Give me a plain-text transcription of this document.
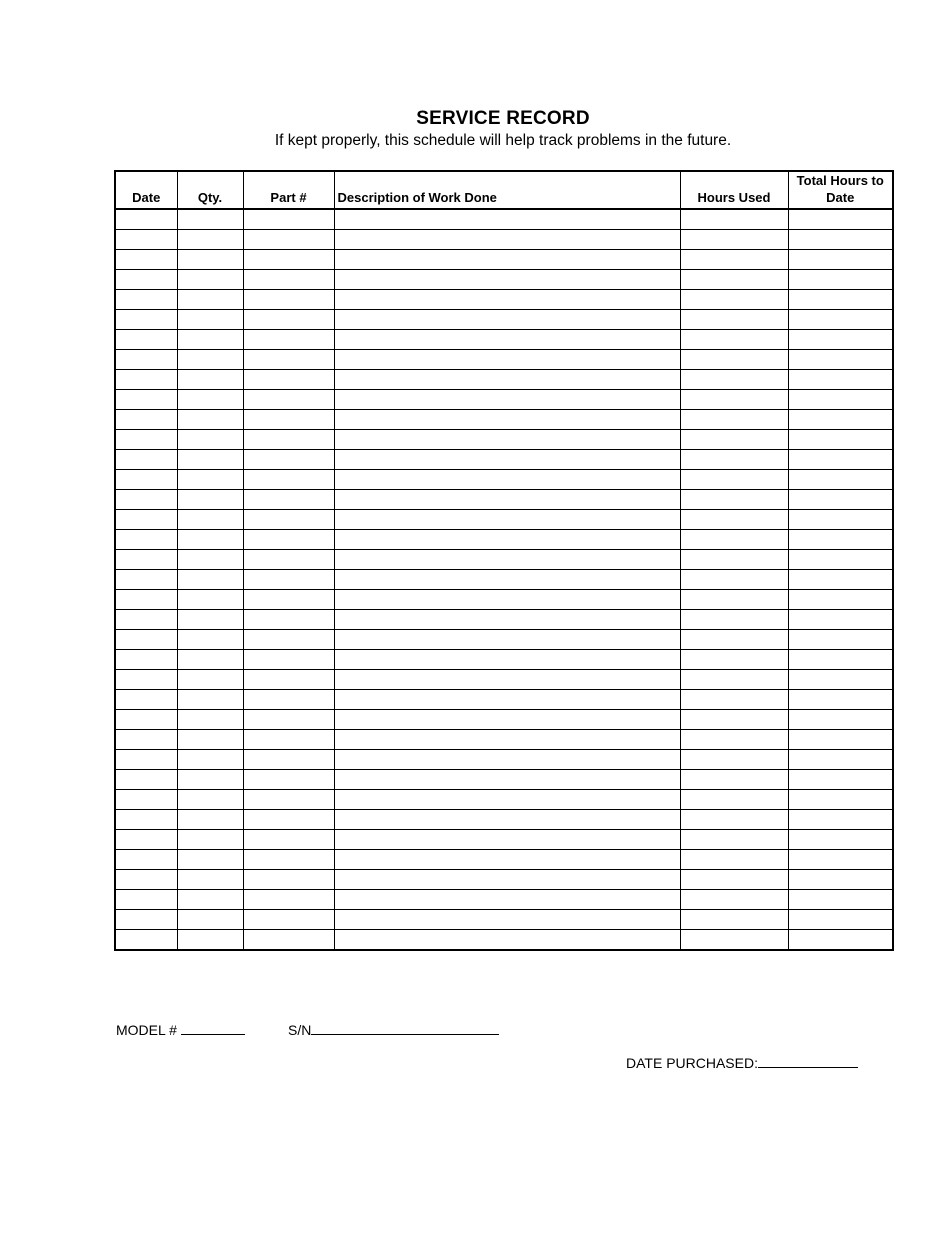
SERVICE RECORD
If kept properly, this schedule will help track problems in the future.
Date	Qty.	Part #	Description of Work Done	Hours Used	Total Hours to Date

MODEL #	S/N
DATE PURCHASED:
